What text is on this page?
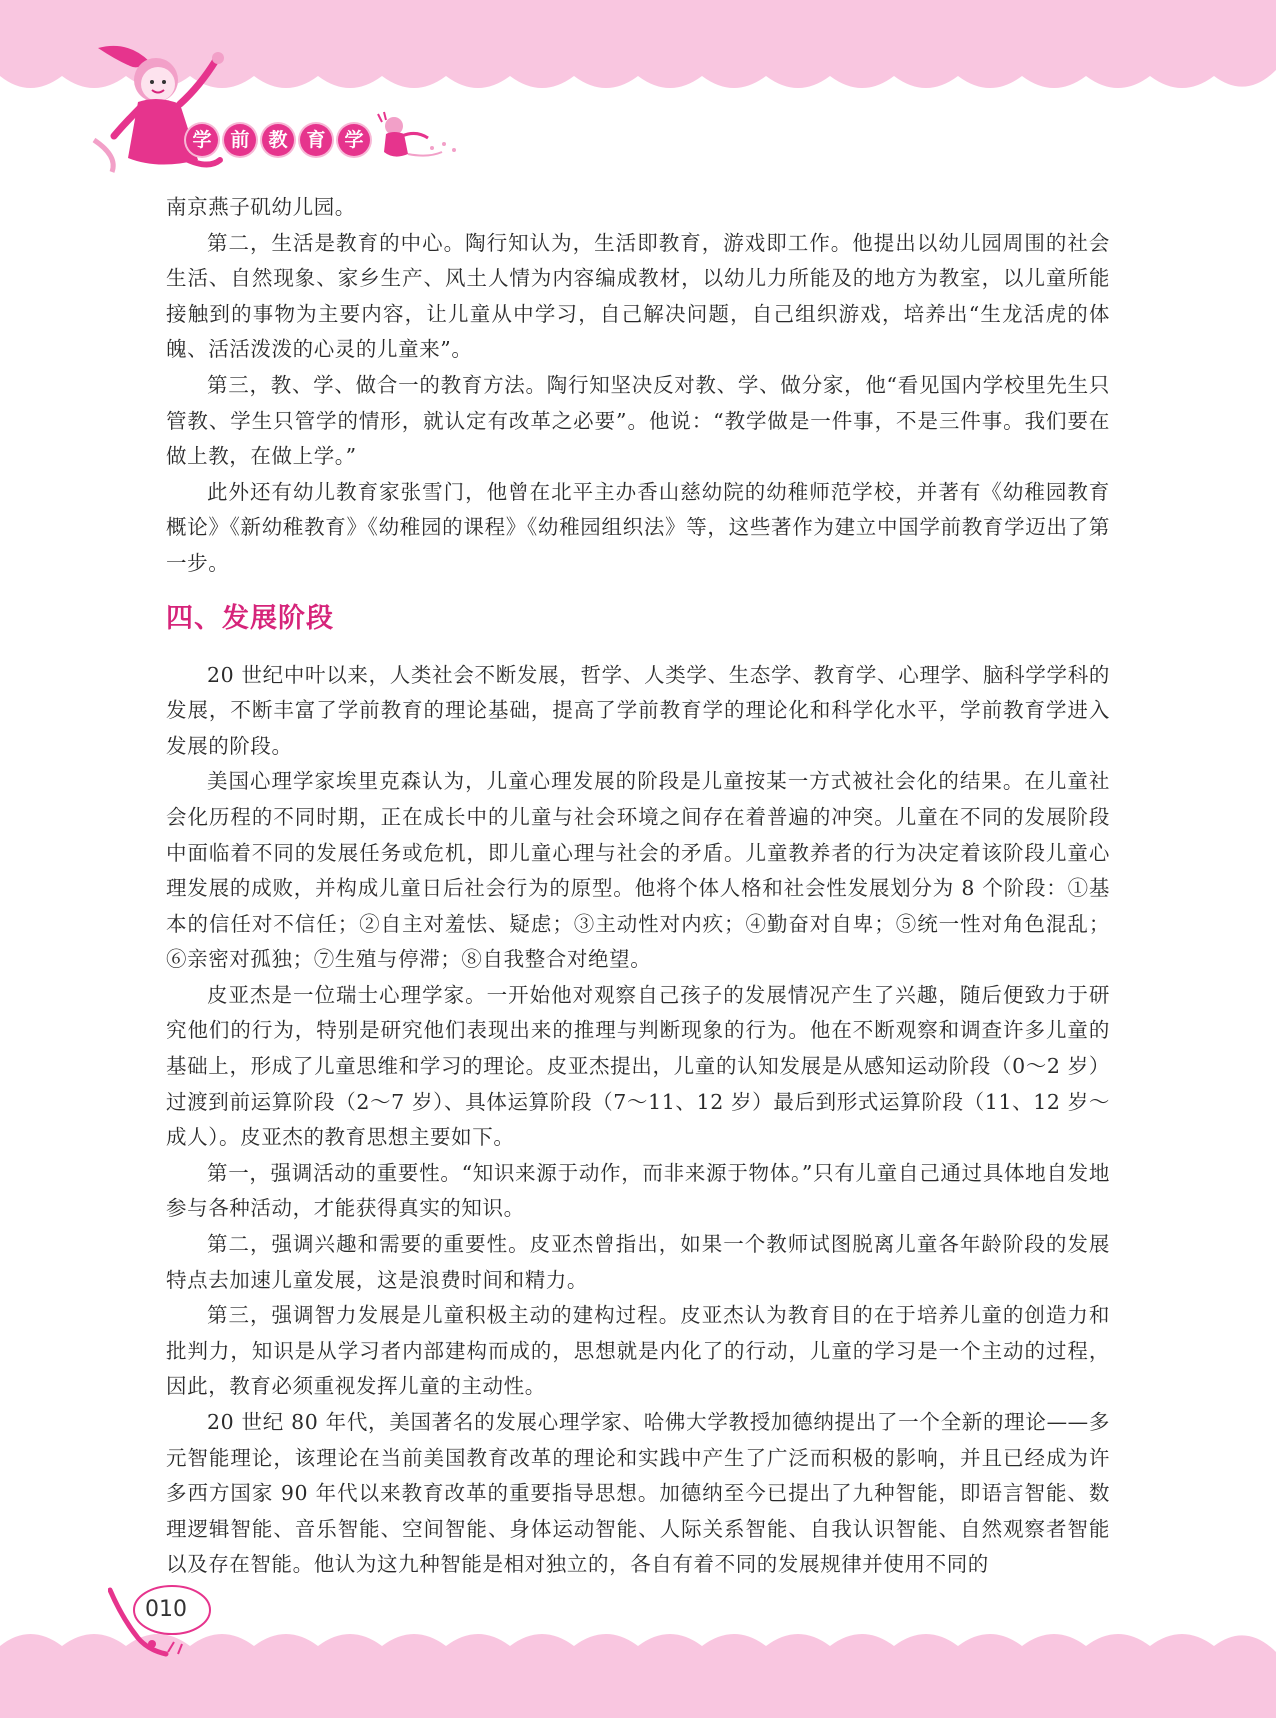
学 前 教 育 学

南京燕子矶幼儿园。

第二，生活是教育的中心。陶行知认为，生活即教育，游戏即工作。他提出以幼儿园周围的社会生活、自然现象、家乡生产、风土人情为内容编成教材，以幼儿力所能及的地方为教室，以儿童所能接触到的事物为主要内容，让儿童从中学习，自己解决问题，自己组织游戏，培养出“生龙活虎的体魄、活活泼泼的心灵的儿童来”。

第三，教、学、做合一的教育方法。陶行知坚决反对教、学、做分家，他“看见国内学校里先生只管教、学生只管学的情形，就认定有改革之必要”。他说：“教学做是一件事，不是三件事。我们要在做上教，在做上学。”

此外还有幼儿教育家张雪门，他曾在北平主办香山慈幼院的幼稚师范学校，并著有《幼稚园教育概论》《新幼稚教育》《幼稚园的课程》《幼稚园组织法》等，这些著作为建立中国学前教育学迈出了第一步。

四、发展阶段

20 世纪中叶以来，人类社会不断发展，哲学、人类学、生态学、教育学、心理学、脑科学学科的发展，不断丰富了学前教育的理论基础，提高了学前教育学的理论化和科学化水平，学前教育学进入发展的阶段。

美国心理学家埃里克森认为，儿童心理发展的阶段是儿童按某一方式被社会化的结果。在儿童社会化历程的不同时期，正在成长中的儿童与社会环境之间存在着普遍的冲突。儿童在不同的发展阶段中面临着不同的发展任务或危机，即儿童心理与社会的矛盾。儿童教养者的行为决定着该阶段儿童心理发展的成败，并构成儿童日后社会行为的原型。他将个体人格和社会性发展划分为 8 个阶段：①基本的信任对不信任；②自主对羞怯、疑虑；③主动性对内疚；④勤奋对自卑；⑤统一性对角色混乱；⑥亲密对孤独；⑦生殖与停滞；⑧自我整合对绝望。

皮亚杰是一位瑞士心理学家。一开始他对观察自己孩子的发展情况产生了兴趣，随后便致力于研究他们的行为，特别是研究他们表现出来的推理与判断现象的行为。他在不断观察和调查许多儿童的基础上，形成了儿童思维和学习的理论。皮亚杰提出，儿童的认知发展是从感知运动阶段（0～2 岁）过渡到前运算阶段（2～7 岁）、具体运算阶段（7～11、12 岁）最后到形式运算阶段（11、12 岁～成人）。皮亚杰的教育思想主要如下。

第一，强调活动的重要性。“知识来源于动作，而非来源于物体。”只有儿童自己通过具体地自发地参与各种活动，才能获得真实的知识。

第二，强调兴趣和需要的重要性。皮亚杰曾指出，如果一个教师试图脱离儿童各年龄阶段的发展特点去加速儿童发展，这是浪费时间和精力。

第三，强调智力发展是儿童积极主动的建构过程。皮亚杰认为教育目的在于培养儿童的创造力和批判力，知识是从学习者内部建构而成的，思想就是内化了的行动，儿童的学习是一个主动的过程，因此，教育必须重视发挥儿童的主动性。

20 世纪 80 年代，美国著名的发展心理学家、哈佛大学教授加德纳提出了一个全新的理论——多元智能理论，该理论在当前美国教育改革的理论和实践中产生了广泛而积极的影响，并且已经成为许多西方国家 90 年代以来教育改革的重要指导思想。加德纳至今已提出了九种智能，即语言智能、数理逻辑智能、音乐智能、空间智能、身体运动智能、人际关系智能、自我认识智能、自然观察者智能以及存在智能。他认为这九种智能是相对独立的，各自有着不同的发展规律并使用不同的

010
